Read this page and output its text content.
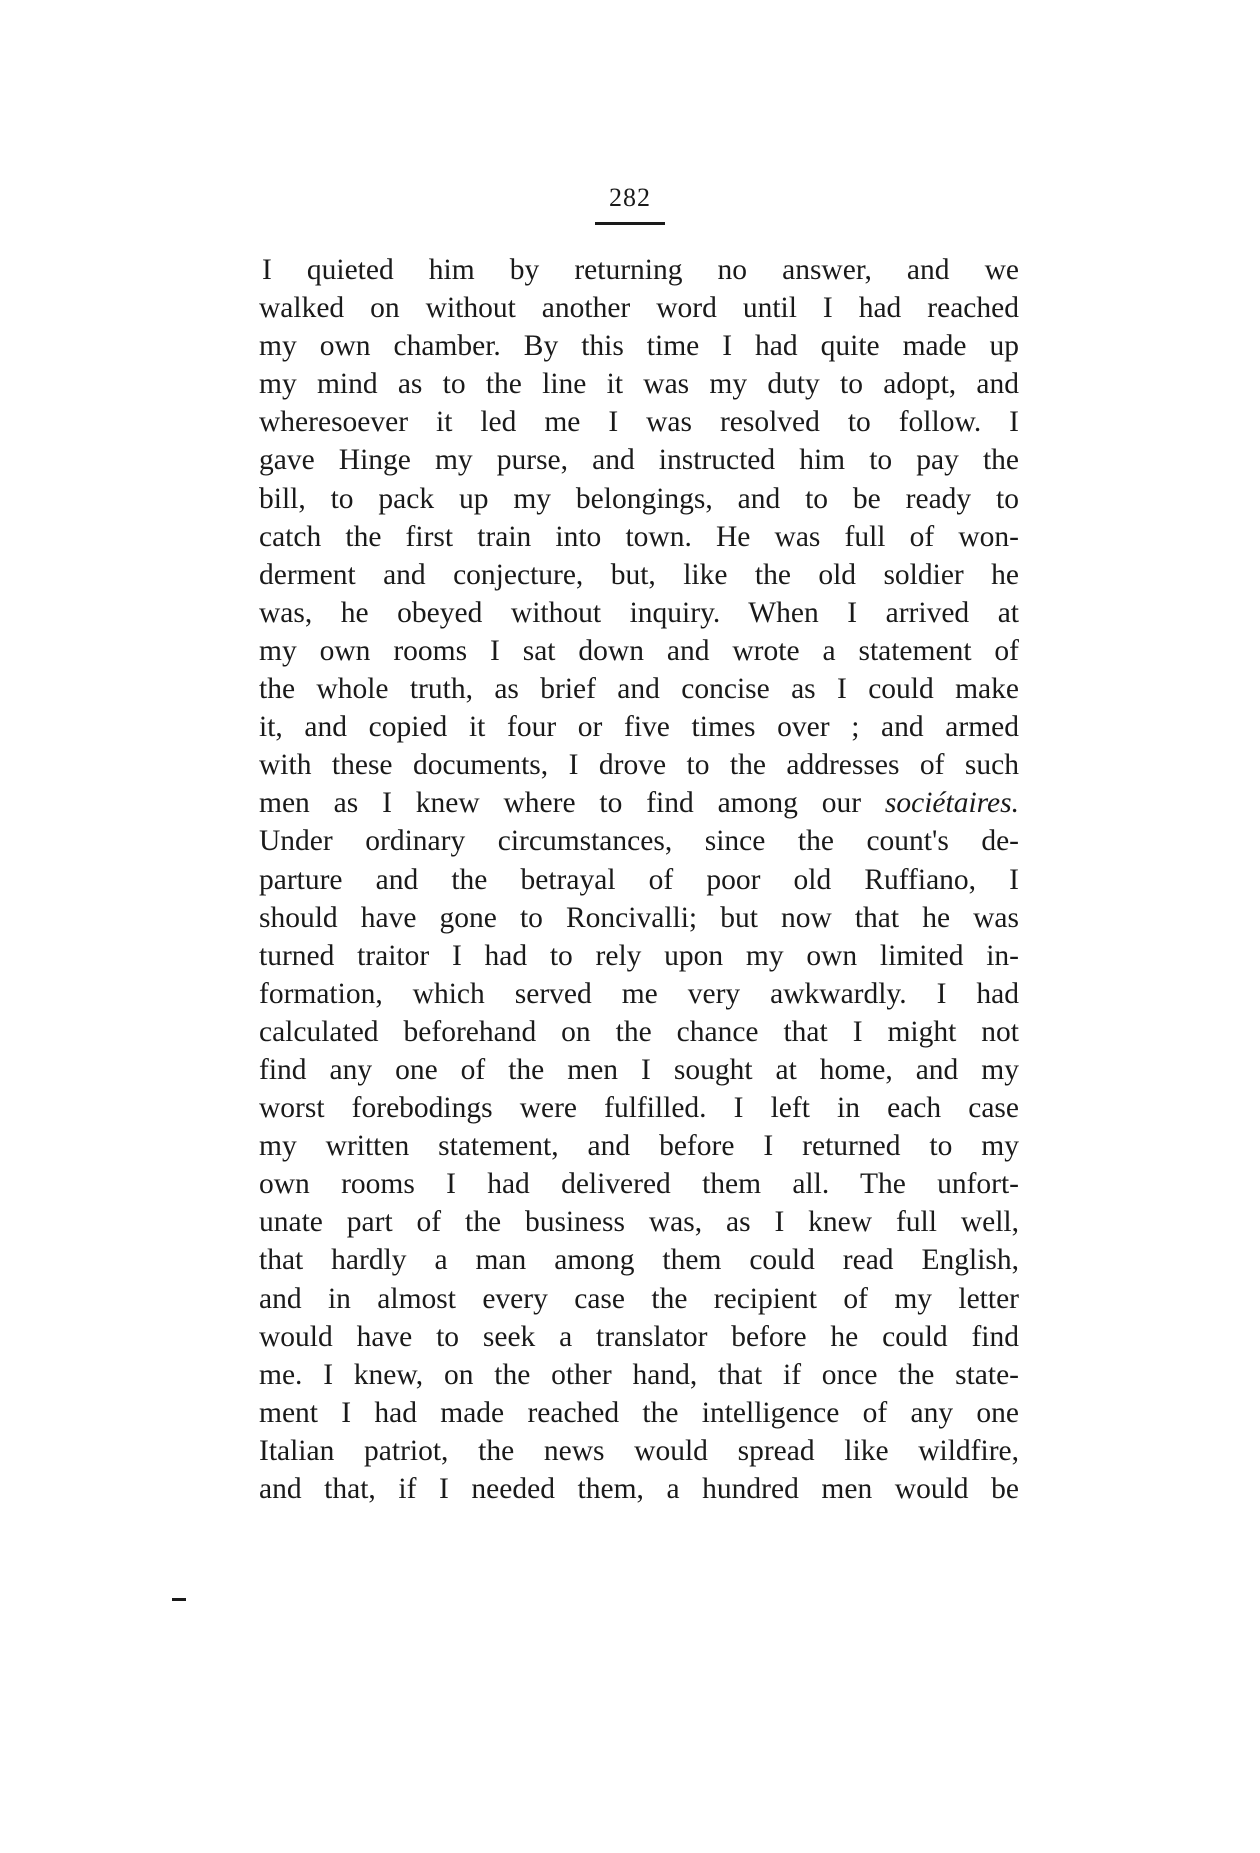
282
I quieted him by returning no answer, and we
walked on without another word until I had reached
my own chamber. By this time I had quite made up
my mind as to the line it was my duty to adopt, and
wheresoever it led me I was resolved to follow. I
gave Hinge my purse, and instructed him to pay the
bill, to pack up my belongings, and to be ready to
catch the first train into town. He was full of won-
derment and conjecture, but, like the old soldier he
was, he obeyed without inquiry. When I arrived at
my own rooms I sat down and wrote a statement of
the whole truth, as brief and concise as I could make
it, and copied it four or five times over ; and armed
with these documents, I drove to the addresses of such
men as I knew where to find among our sociétaires.
Under ordinary circumstances, since the count's de-
parture and the betrayal of poor old Ruffiano, I
should have gone to Roncivalli; but now that he was
turned traitor I had to rely upon my own limited in-
formation, which served me very awkwardly. I had
calculated beforehand on the chance that I might not
find any one of the men I sought at home, and my
worst forebodings were fulfilled. I left in each case
my written statement, and before I returned to my
own rooms I had delivered them all. The unfort-
unate part of the business was, as I knew full well,
that hardly a man among them could read English,
and in almost every case the recipient of my letter
would have to seek a translator before he could find
me. I knew, on the other hand, that if once the state-
ment I had made reached the intelligence of any one
Italian patriot, the news would spread like wildfire,
and that, if I needed them, a hundred men would be
